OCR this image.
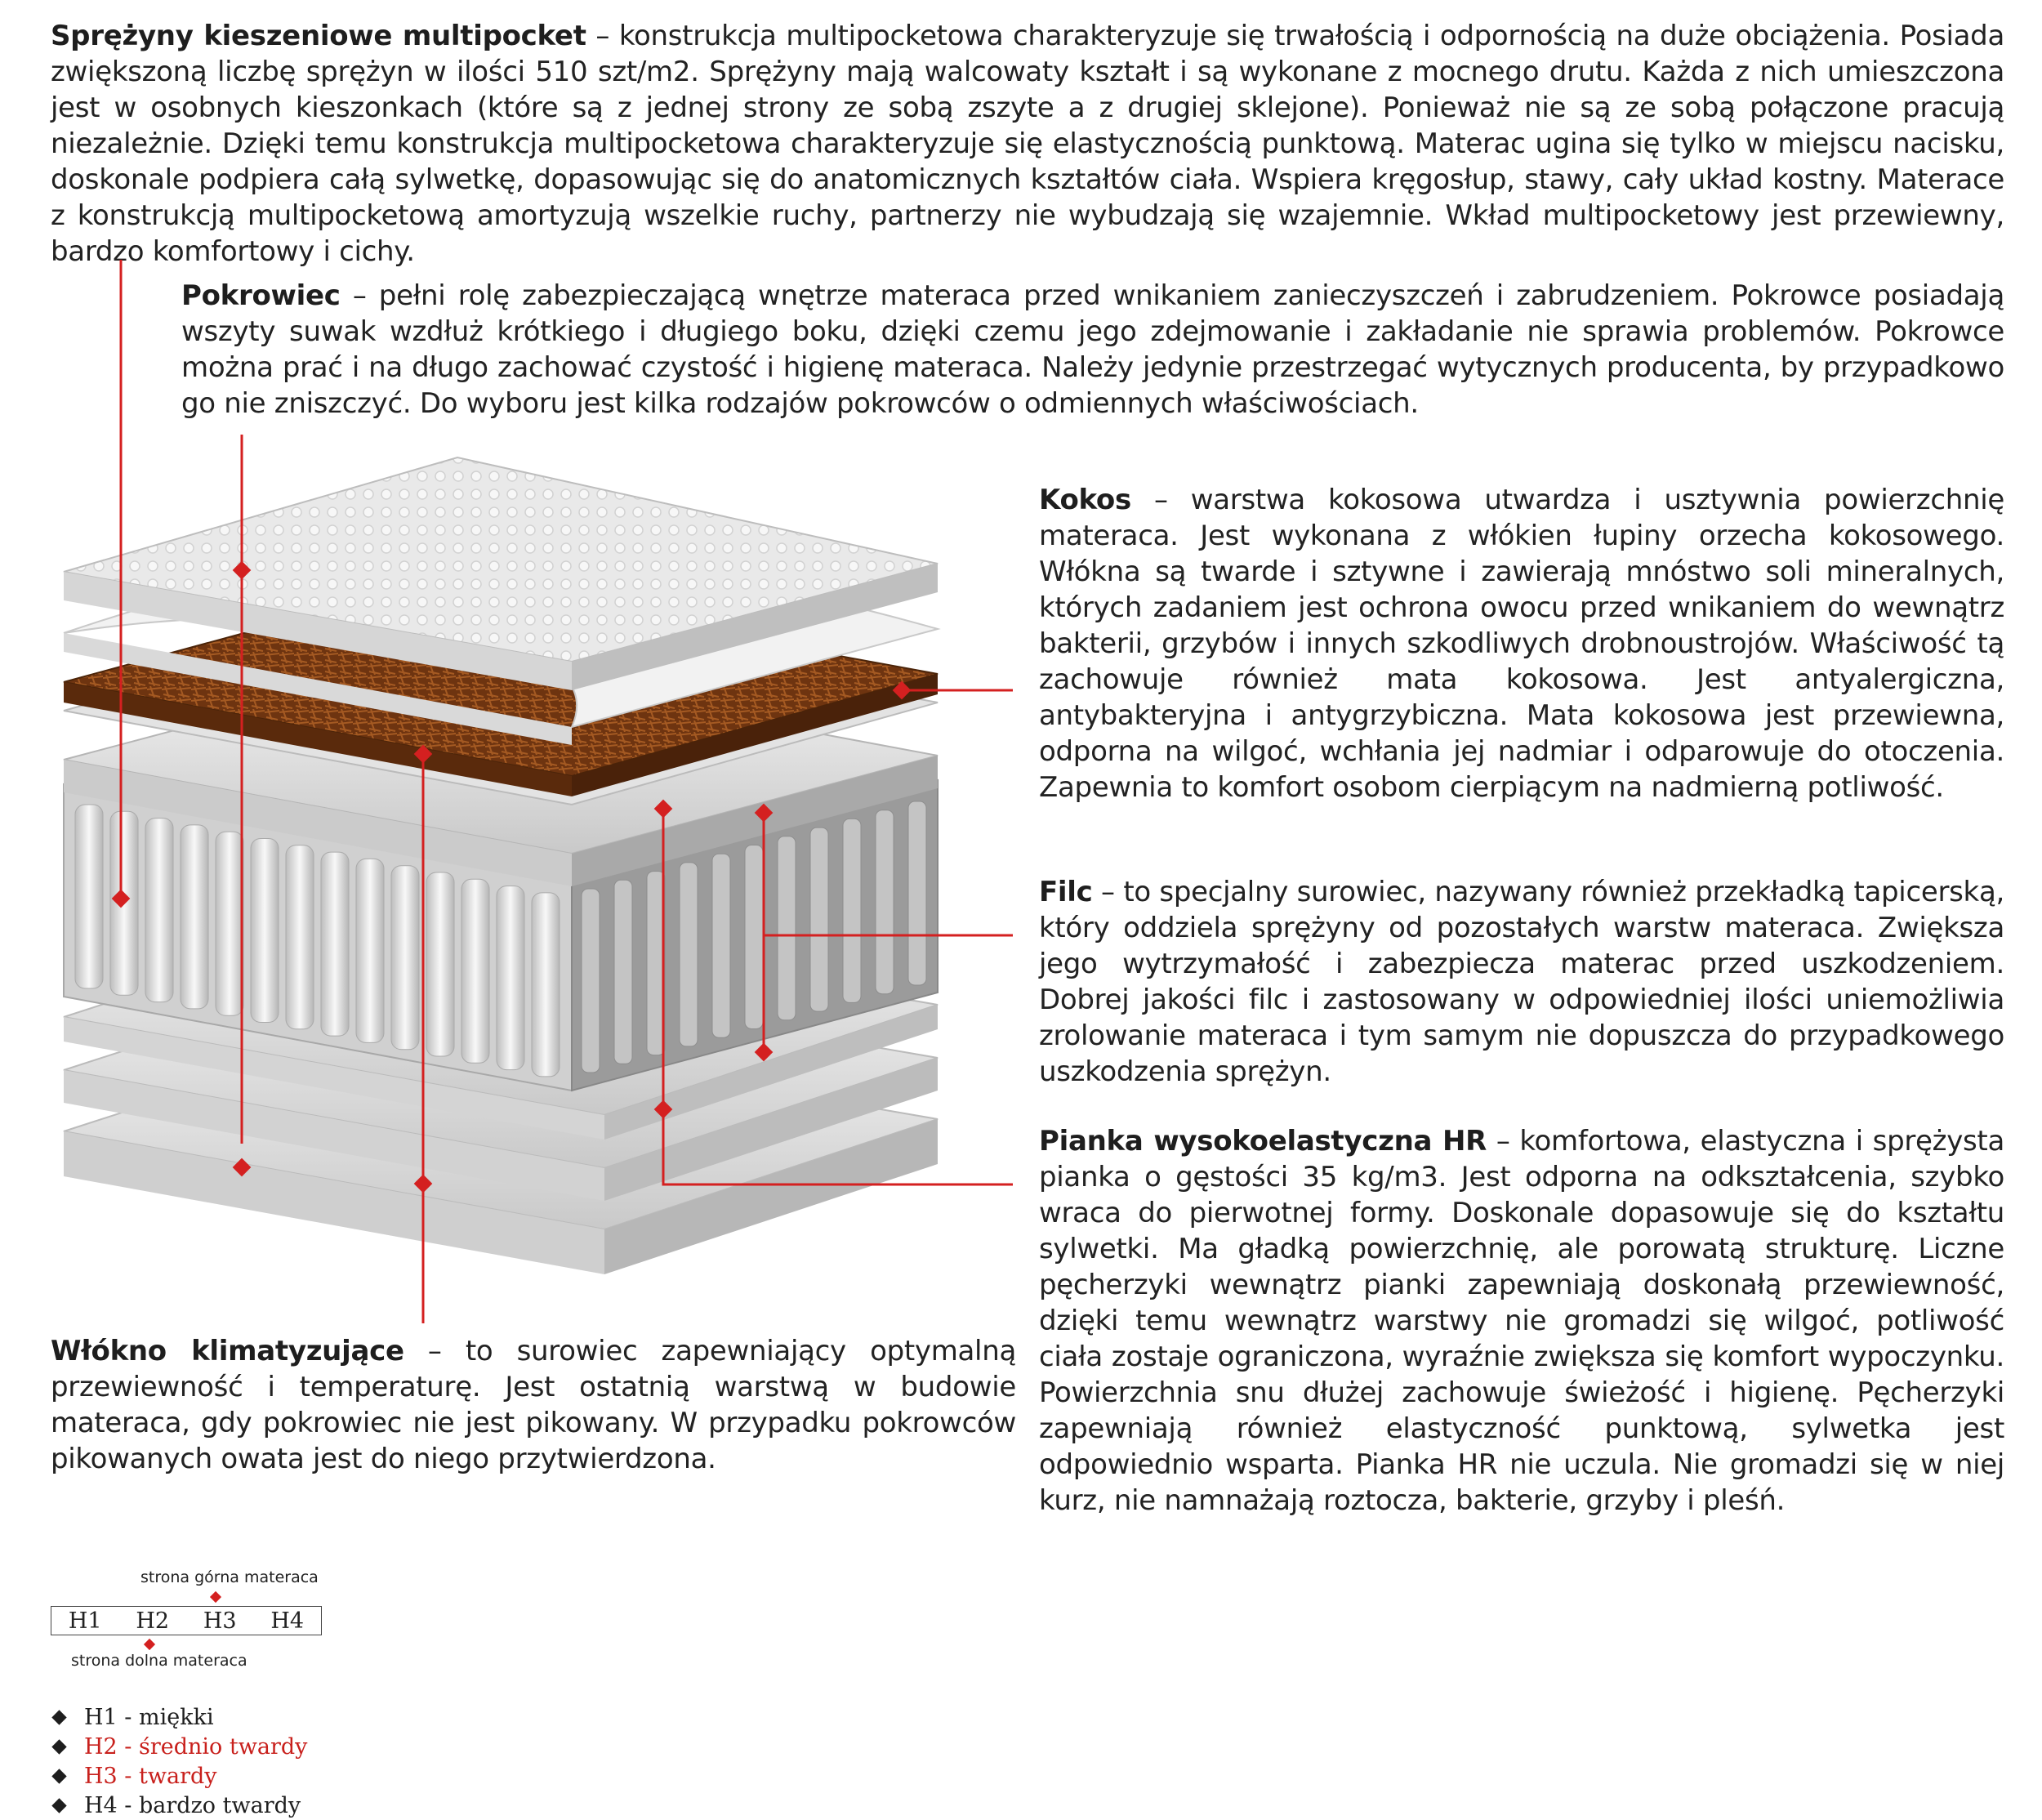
Sprężyny kieszeniowe multipocket – konstrukcja multipocketowa charakteryzuje się trwałością i odpornością na duże obciążenia. Posiada zwiększoną liczbę sprężyn w ilości 510 szt/m2. Sprężyny mają walcowaty kształt i są wykonane z mocnego drutu. Każda z nich umieszczona jest w osobnych kieszonkach (które są z jednej strony ze sobą zszyte a z drugiej sklejone). Ponieważ nie są ze sobą połączone pracują niezależnie. Dzięki temu konstrukcja multipocketowa charakteryzuje się elastycznością punktową. Materac ugina się tylko w miejscu nacisku, doskonale podpiera całą sylwetkę, dopasowując się do anatomicznych kształtów ciała. Wspiera kręgosłup, stawy, cały układ kostny. Materace z konstrukcją multipocketową amortyzują wszelkie ruchy, partnerzy nie wybudzają się wzajemnie. Wkład multipocketowy jest przewiewny, bardzo komfortowy i cichy.

Pokrowiec – pełni rolę zabezpieczającą wnętrze materaca przed wnikaniem zanieczyszczeń i zabrudzeniem. Pokrowce posiadają wszyty suwak wzdłuż krótkiego i długiego boku, dzięki czemu jego zdejmowanie i zakładanie nie sprawia problemów. Pokrowce można prać i na długo zachować czystość i higienę materaca. Należy jedynie przestrzegać wytycznych producenta, by przypadkowo go nie zniszczyć. Do wyboru jest kilka rodzajów pokrowców o odmiennych właściwościach.

Kokos – warstwa kokosowa utwardza i usztywnia powierzchnię materaca. Jest wykonana z włókien łupiny orzecha kokosowego. Włókna są twarde i sztywne i zawierają mnóstwo soli mineralnych, których zadaniem jest ochrona owocu przed wnikaniem do wewnątrz bakterii, grzybów i innych szkodliwych drobnoustrojów. Właściwość tą zachowuje również mata kokosowa. Jest antyalergiczna, antybakteryjna i antygrzybiczna. Mata kokosowa jest przewiewna, odporna na wilgoć, wchłania jej nadmiar i odparowuje do otoczenia. Zapewnia to komfort osobom cierpiącym na nadmierną potliwość.

Filc – to specjalny surowiec, nazywany również przekładką tapicerską, który oddziela sprężyny od pozostałych warstw materaca. Zwiększa jego wytrzymałość i zabezpiecza materac przed uszkodzeniem. Dobrej jakości filc i zastosowany w odpowiedniej ilości uniemożliwia zrolowanie materaca i tym samym nie dopuszcza do przypadkowego uszkodzenia sprężyn.

Pianka wysokoelastyczna HR – komfortowa, elastyczna i sprężysta pianka o gęstości 35 kg/m3. Jest odporna na odkształcenia, szybko wraca do pierwotnej formy. Doskonale dopasowuje się do kształtu sylwetki. Ma gładką powierzchnię, ale porowatą strukturę. Liczne pęcherzyki wewnątrz pianki zapewniają doskonałą przewiewność, dzięki temu wewnątrz warstwy nie gromadzi się wilgoć, potliwość ciała zostaje ograniczona, wyraźnie zwiększa się komfort wypoczynku. Powierzchnia snu dłużej zachowuje świeżość i higienę. Pęcherzyki zapewniają również elastyczność punktową, sylwetka jest odpowiednio wsparta. Pianka HR nie uczula. Nie gromadzi się w niej kurz, nie namnażają roztocza, bakterie, grzyby i pleśń.

Włókno klimatyzujące – to surowiec zapewniający optymalną przewiewność i temperaturę. Jest ostatnią warstwą w budowie materaca, gdy pokrowiec nie jest pikowany. W przypadku pokrowców pikowanych owata jest do niego przytwierdzona.

strona górna materaca
H1 H2 H3 H4
strona dolna materaca
H1 - miękki
H2 - średnio twardy
H3 - twardy
H4 - bardzo twardy
